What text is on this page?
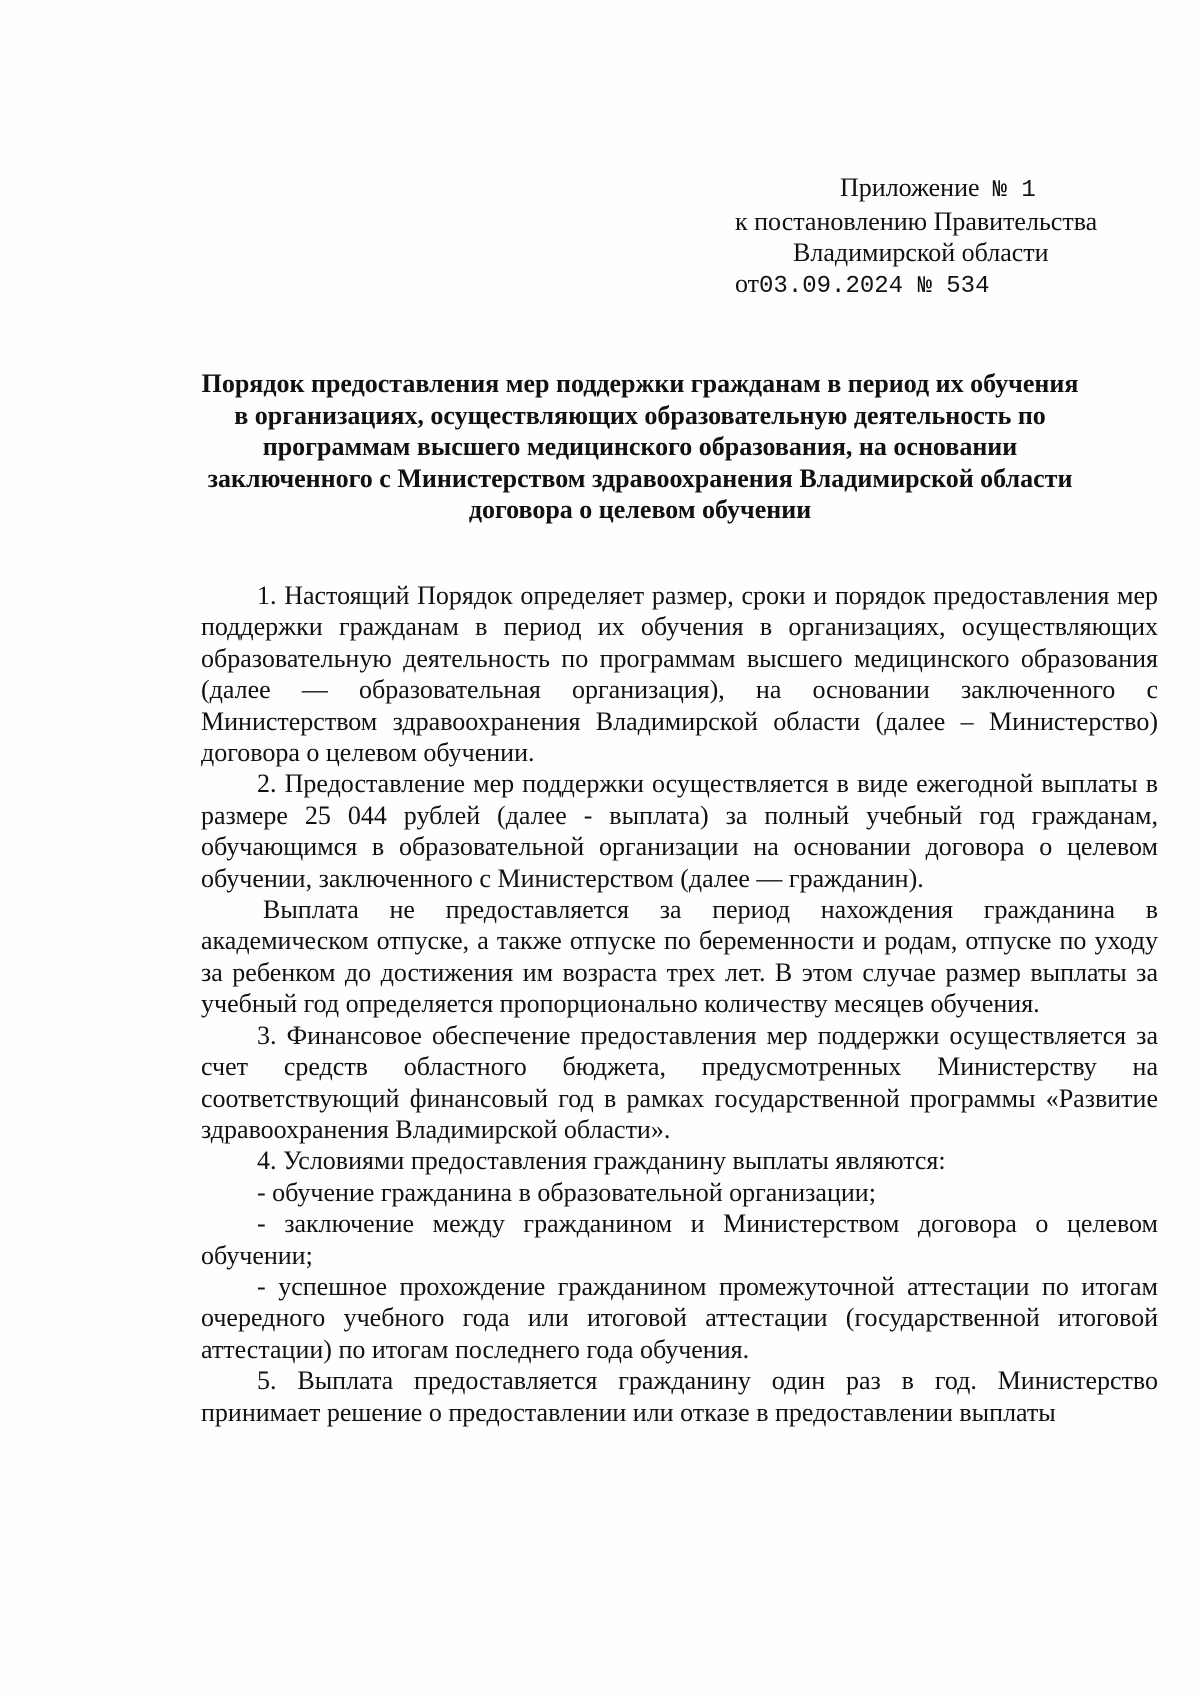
Приложение № 1
к постановлению Правительства
Владимирской области
от03.09.2024 № 534
Порядок предоставления мер поддержки гражданам в период их обучения
в организациях, осуществляющих образовательную деятельность по
программам высшего медицинского образования, на основании
заключенного с Министерством здравоохранения Владимирской области
договора о целевом обучении

1. Настоящий Порядок определяет размер, сроки и порядок предоставления мер поддержки гражданам в период их обучения в организациях, осуществляющих образовательную деятельность по программам высшего медицинского образования (далее — образовательная организация), на основании заключенного с Министерством здравоохранения Владимирской области (далее – Министерство) договора о целевом обучении.

2. Предоставление мер поддержки осуществляется в виде ежегодной выплаты в размере 25 044 рублей (далее - выплата) за полный учебный год гражданам, обучающимся в образовательной организации на основании договора о целевом обучении, заключенного с Министерством (далее — гражданин).

Выплата не предоставляется за период нахождения гражданина в академическом отпуске, а также отпуске по беременности и родам, отпуске по уходу за ребенком до достижения им возраста трех лет. В этом случае размер выплаты за учебный год определяется пропорционально количеству месяцев обучения.

3. Финансовое обеспечение предоставления мер поддержки осуществляется за счет средств областного бюджета, предусмотренных Министерству на соответствующий финансовый год в рамках государственной программы «Развитие здравоохранения Владимирской области».

4. Условиями предоставления гражданину выплаты являются:

- обучение гражданина в образовательной организации;

- заключение между гражданином и Министерством договора о целевом обучении;

- успешное прохождение гражданином промежуточной аттестации по итогам очередного учебного года или итоговой аттестации (государственной итоговой аттестации) по итогам последнего года обучения.

5. Выплата предоставляется гражданину один раз в год. Министерство принимает решение о предоставлении или отказе в предоставлении выплаты
